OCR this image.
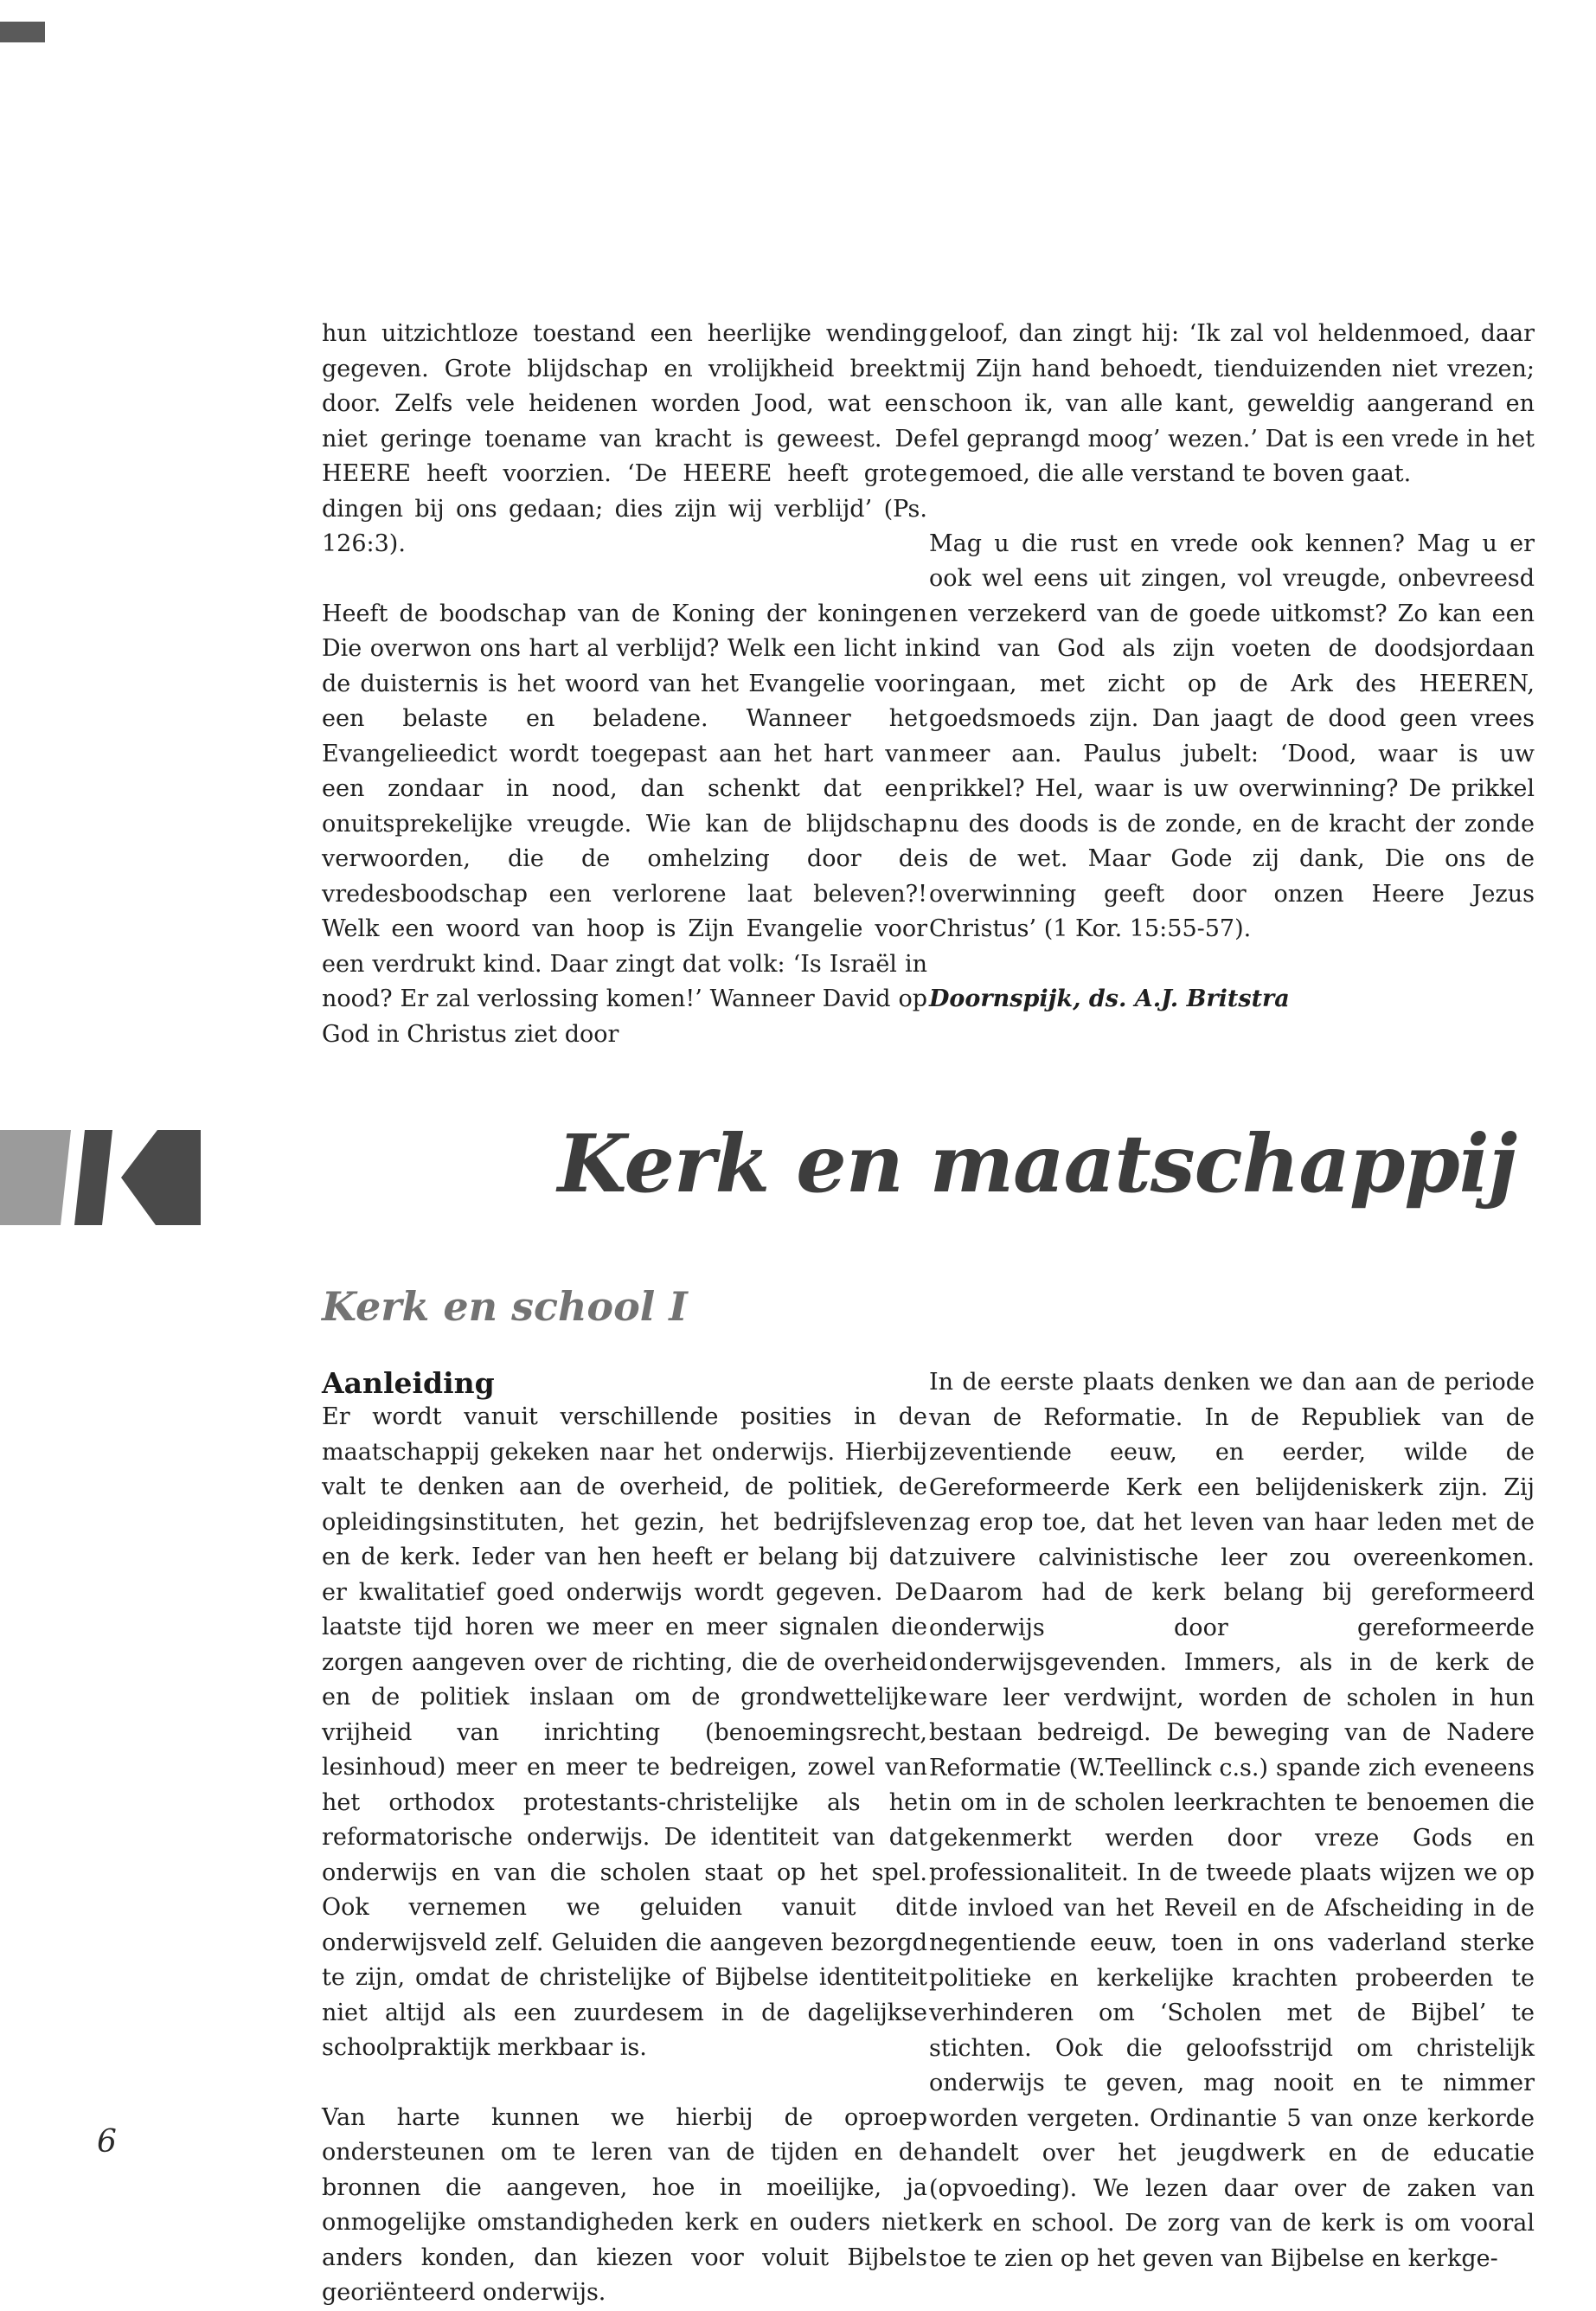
hun uitzichtloze toestand een heerlijke wending gegeven. Grote blijdschap en vrolijkheid breekt door. Zelfs vele heidenen worden Jood, wat een niet geringe toename van kracht is geweest. De HEERE heeft voorzien. ‘De HEERE heeft grote dingen bij ons gedaan; dies zijn wij verblijd’ (Ps. 126:3).

Heeft de boodschap van de Koning der koningen Die overwon ons hart al verblijd? Welk een licht in de duisternis is het woord van het Evangelie voor een belaste en beladene. Wanneer het Evangelieedict wordt toegepast aan het hart van een zondaar in nood, dan schenkt dat een onuitsprekelijke vreugde. Wie kan de blijdschap verwoorden, die de omhelzing door de vredesboodschap een verlorene laat beleven?! Welk een woord van hoop is Zijn Evangelie voor een verdrukt kind. Daar zingt dat volk: ‘Is Israël in nood? Er zal verlossing komen!’ Wanneer David op God in Christus ziet door

geloof, dan zingt hij: ‘Ik zal vol heldenmoed, daar mij Zijn hand behoedt, tienduizenden niet vrezen; schoon ik, van alle kant, geweldig aangerand en fel geprangd moog’ wezen.’ Dat is een vrede in het gemoed, die alle verstand te boven gaat.

Mag u die rust en vrede ook kennen? Mag u er ook wel eens uit zingen, vol vreugde, onbevreesd en verzekerd van de goede uitkomst? Zo kan een kind van God als zijn voeten de doodsjordaan ingaan, met zicht op de Ark des HEEREN, goedsmoeds zijn. Dan jaagt de dood geen vrees meer aan. Paulus jubelt: ‘Dood, waar is uw prikkel? Hel, waar is uw overwinning? De prikkel nu des doods is de zonde, en de kracht der zonde is de wet. Maar Gode zij dank, Die ons de overwinning geeft door onzen Heere Jezus Christus’ (1 Kor. 15:55-57).

Doornspijk, ds. A.J. Britstra

Kerk en maatschappij
Kerk en school I
Aanleiding

Er wordt vanuit verschillende posities in de maatschappij gekeken naar het onderwijs. Hierbij valt te denken aan de overheid, de politiek, de opleidingsinstituten, het gezin, het bedrijfsleven en de kerk. Ieder van hen heeft er belang bij dat er kwalitatief goed onderwijs wordt gegeven. De laatste tijd horen we meer en meer signalen die zorgen aangeven over de richting, die de overheid en de politiek inslaan om de grondwettelijke vrijheid van inrichting (benoemingsrecht, lesinhoud) meer en meer te bedreigen, zowel van het orthodox protestants-christelijke als het reformatorische onderwijs. De identiteit van dat onderwijs en van die scholen staat op het spel. Ook vernemen we geluiden vanuit dit onderwijsveld zelf. Geluiden die aangeven bezorgd te zijn, omdat de christelijke of Bijbelse identiteit niet altijd als een zuurdesem in de dagelijkse schoolpraktijk merkbaar is.

Van harte kunnen we hierbij de oproep ondersteunen om te leren van de tijden en de bronnen die aangeven, hoe in moeilijke, ja onmogelijke omstandigheden kerk en ouders niet anders konden, dan kiezen voor voluit Bijbels georiënteerd onderwijs.

In de eerste plaats denken we dan aan de periode van de Reformatie. In de Republiek van de zeventiende eeuw, en eerder, wilde de Gereformeerde Kerk een belijdeniskerk zijn. Zij zag erop toe, dat het leven van haar leden met de zuivere calvinistische leer zou overeenkomen. Daarom had de kerk belang bij gereformeerd onderwijs door gereformeerde onderwijsgevenden. Immers, als in de kerk de ware leer verdwijnt, worden de scholen in hun bestaan bedreigd. De beweging van de Nadere Reformatie (W.Teellinck c.s.) spande zich eveneens in om in de scholen leerkrachten te benoemen die gekenmerkt werden door vreze Gods en professionaliteit. In de tweede plaats wijzen we op de invloed van het Reveil en de Afscheiding in de negentiende eeuw, toen in ons vaderland sterke politieke en kerkelijke krachten probeerden te verhinderen om ‘Scholen met de Bijbel’ te stichten. Ook die geloofsstrijd om christelijk onderwijs te geven, mag nooit en te nimmer worden vergeten. Ordinantie 5 van onze kerkorde handelt over het jeugdwerk en de educatie (opvoeding). We lezen daar over de zaken van kerk en school. De zorg van de kerk is om vooral toe te zien op het geven van Bijbelse en kerkge-

6
